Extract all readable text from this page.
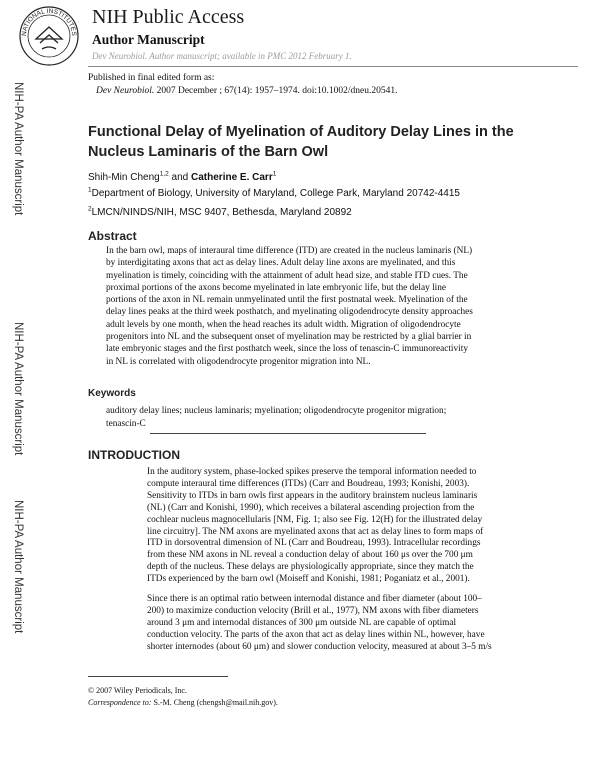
NATIONAL INSTITUTES
NIH Public Access
Author Manuscript
Dev Neurobiol. Author manuscript; available in PMC 2012 February 1.
Published in final edited form as:
Dev Neurobiol. 2007 December ; 67(14): 1957–1974. doi:10.1002/dneu.20541.
NIH-PA Author Manuscript
NIH-PA Author Manuscript
NIH-PA Author Manuscript
Functional Delay of Myelination of Auditory Delay Lines in the Nucleus Laminaris of the Barn Owl
Shih-Min Cheng$^{1,2}$ and Catherine E. Carr$^1$
$^1$Department of Biology, University of Maryland, College Park, Maryland 20742-4415
$^2$LMCN/NINDS/NIH, MSC 9407, Bethesda, Maryland 20892
Abstract
In the barn owl, maps of interaural time difference (ITD) are created in the nucleus laminaris (NL)
by interdigitating axons that act as delay lines. Adult delay line axons are myelinated, and this
myelination is timely, coinciding with the attainment of adult head size, and stable ITD cues. The
proximal portions of the axons become myelinated in late embryonic life, but the delay line
portions of the axon in NL remain unmyelinated until the first postnatal week. Myelination of the
delay lines peaks at the third week posthatch, and myelinating oligodendrocyte density approaches
adult levels by one month, when the head reaches its adult width. Migration of oligodendrocyte
progenitors into NL and the subsequent onset of myelination may be restricted by a glial barrier in
late embryonic stages and the first posthatch week, since the loss of tenascin-C immunoreactivity
in NL is correlated with oligodendrocyte progenitor migration into NL.
Keywords
auditory delay lines; nucleus laminaris; myelination; oligodendrocyte progenitor migration;
tenascin-C
INTRODUCTION
In the auditory system, phase-locked spikes preserve the temporal information needed to
compute interaural time differences (ITDs) (Carr and Boudreau, 1993; Konishi, 2003).
Sensitivity to ITDs in barn owls first appears in the auditory brainstem nucleus laminaris
(NL) (Carr and Konishi, 1990), which receives a bilateral ascending projection from the
cochlear nucleus magnocellularis [NM, Fig. 1; also see Fig. 12(H) for the illustrated delay
line circuitry]. The NM axons are myelinated axons that act as delay lines to form maps of
ITD in dorsoventral dimension of NL (Carr and Boudreau, 1993). Intracellular recordings
from these NM axons in NL reveal a conduction delay of about 160 μs over the 700 μm
depth of the nucleus. These delays are physiologically appropriate, since they match the
ITDs experienced by the barn owl (Moiseff and Konishi, 1981; Poganiatz et al., 2001).
Since there is an optimal ratio between internodal distance and fiber diameter (about 100–
200) to maximize conduction velocity (Brill et al., 1977), NM axons with fiber diameters
around 3 μm and internodal distances of 300 μm outside NL are capable of optimal
conduction velocity. The parts of the axon that act as delay lines within NL, however, have
shorter internodes (about 60 μm) and slower conduction velocity, measured at about 3–5 m/s
© 2007 Wiley Periodicals, Inc.
Correspondence to: S.-M. Cheng (chengsh@mail.nih.gov).
